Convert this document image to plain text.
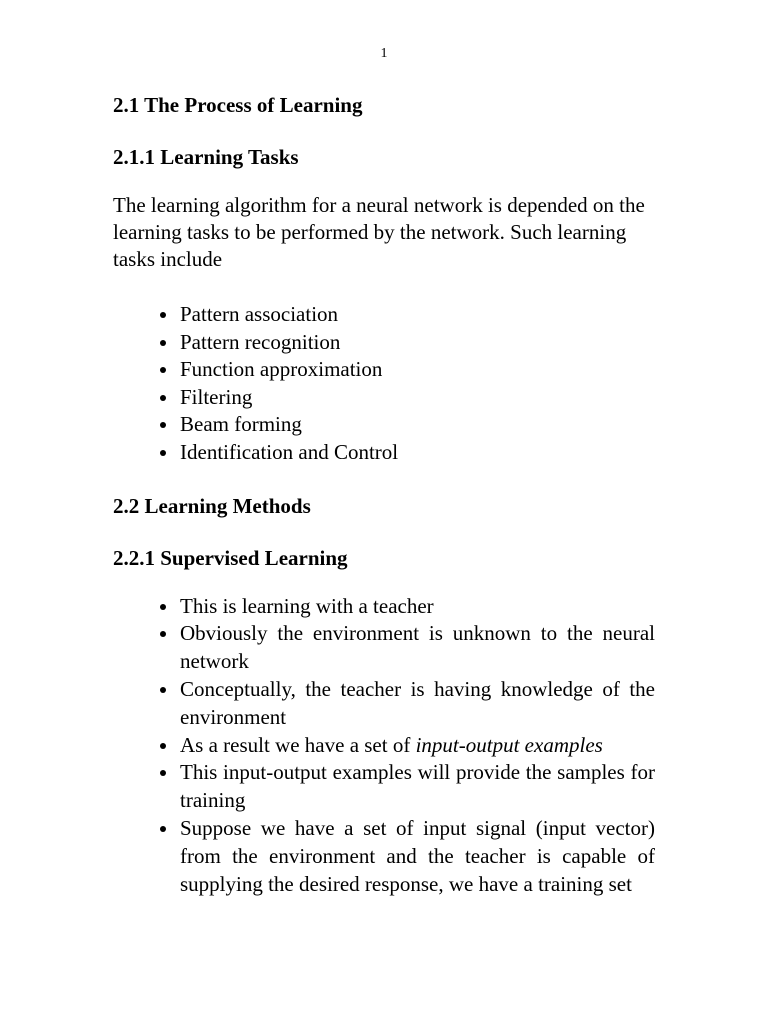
1
2.1 The Process of Learning
2.1.1 Learning Tasks

The learning algorithm for a neural network is depended on the learning tasks to be performed by the network. Such learning tasks include

Pattern association
Pattern recognition
Function approximation
Filtering
Beam forming
Identification and Control
2.2 Learning Methods
2.2.1 Supervised Learning
This is learning with a teacher
Obviously the environment is unknown to the neural network
Conceptually, the teacher is having knowledge of the environment
As a result we have a set of input-output examples
This input-output examples will provide the samples for training
Suppose we have a set of input signal (input vector) from the environment and the teacher is capable of supplying the desired response, we have a training set
